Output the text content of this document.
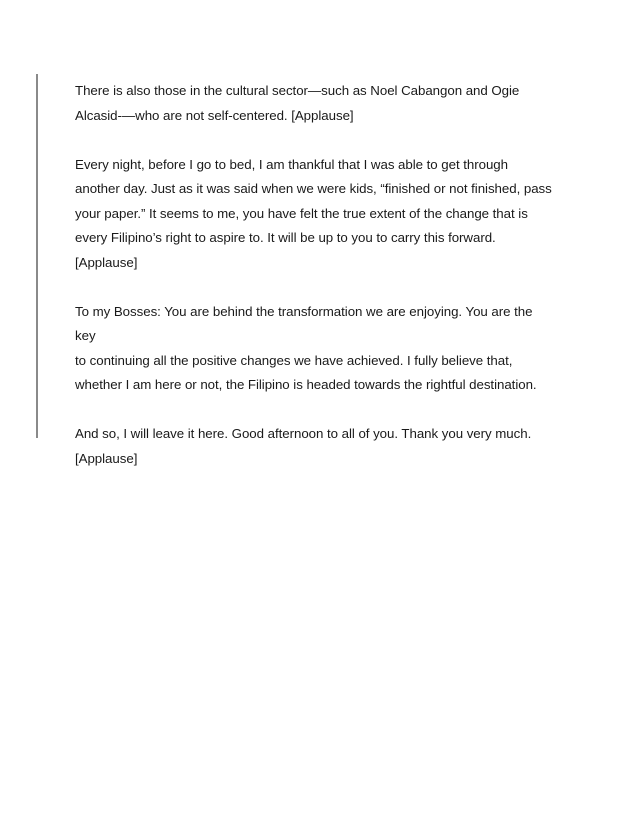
There is also those in the cultural sector—such as Noel Cabangon and Ogie
Alcasid-—who are not self-centered. [Applause]

Every night, before I go to bed, I am thankful that I was able to get through
another day. Just as it was said when we were kids, “finished or not finished, pass
your paper.” It seems to me, you have felt the true extent of the change that is
every Filipino’s right to aspire to. It will be up to you to carry this forward.
[Applause]

To my Bosses: You are behind the transformation we are enjoying. You are the key
to continuing all the positive changes we have achieved. I fully believe that,
whether I am here or not, the Filipino is headed towards the rightful destination.

And so, I will leave it here. Good afternoon to all of you. Thank you very much.
[Applause]
